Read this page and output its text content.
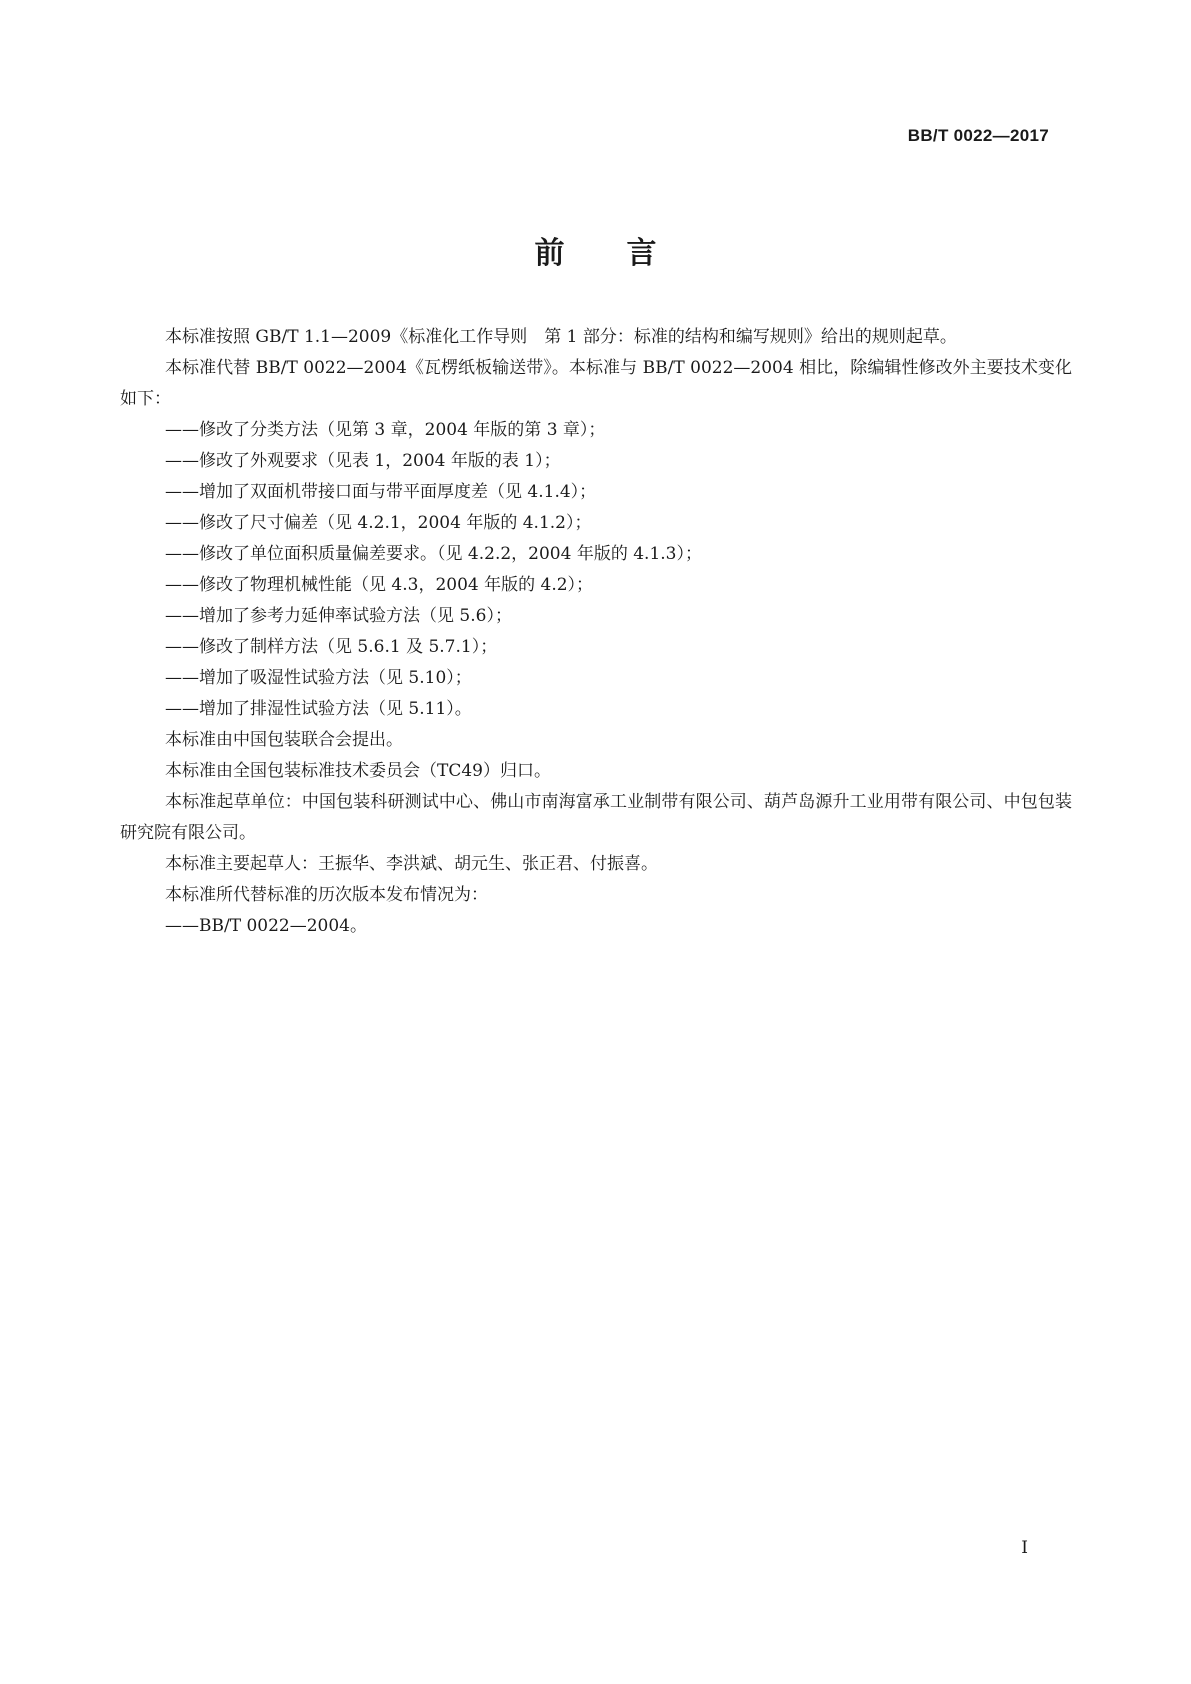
BB/T 0022—2017
前言

本标准按照 GB/T 1.1—2009《标准化工作导则　第 1 部分：标准的结构和编写规则》给出的规则起草。

本标准代替 BB/T 0022—2004《瓦楞纸板输送带》。本标准与 BB/T 0022—2004 相比，除编辑性修改外主要技术变化如下：

——修改了分类方法（见第 3 章，2004 年版的第 3 章）；

——修改了外观要求（见表 1，2004 年版的表 1）；

——增加了双面机带接口面与带平面厚度差（见 4.1.4）；

——修改了尺寸偏差（见 4.2.1，2004 年版的 4.1.2）；

——修改了单位面积质量偏差要求。（见 4.2.2，2004 年版的 4.1.3）；

——修改了物理机械性能（见 4.3，2004 年版的 4.2）；

——增加了参考力延伸率试验方法（见 5.6）；

——修改了制样方法（见 5.6.1 及 5.7.1）；

——增加了吸湿性试验方法（见 5.10）；

——增加了排湿性试验方法（见 5.11）。

本标准由中国包装联合会提出。

本标准由全国包装标准技术委员会（TC49）归口。

本标准起草单位：中国包装科研测试中心、佛山市南海富承工业制带有限公司、葫芦岛源升工业用带有限公司、中包包装研究院有限公司。

本标准主要起草人：王振华、李洪斌、胡元生、张正君、付振喜。

本标准所代替标准的历次版本发布情况为：

——BB/T 0022—2004。

I
